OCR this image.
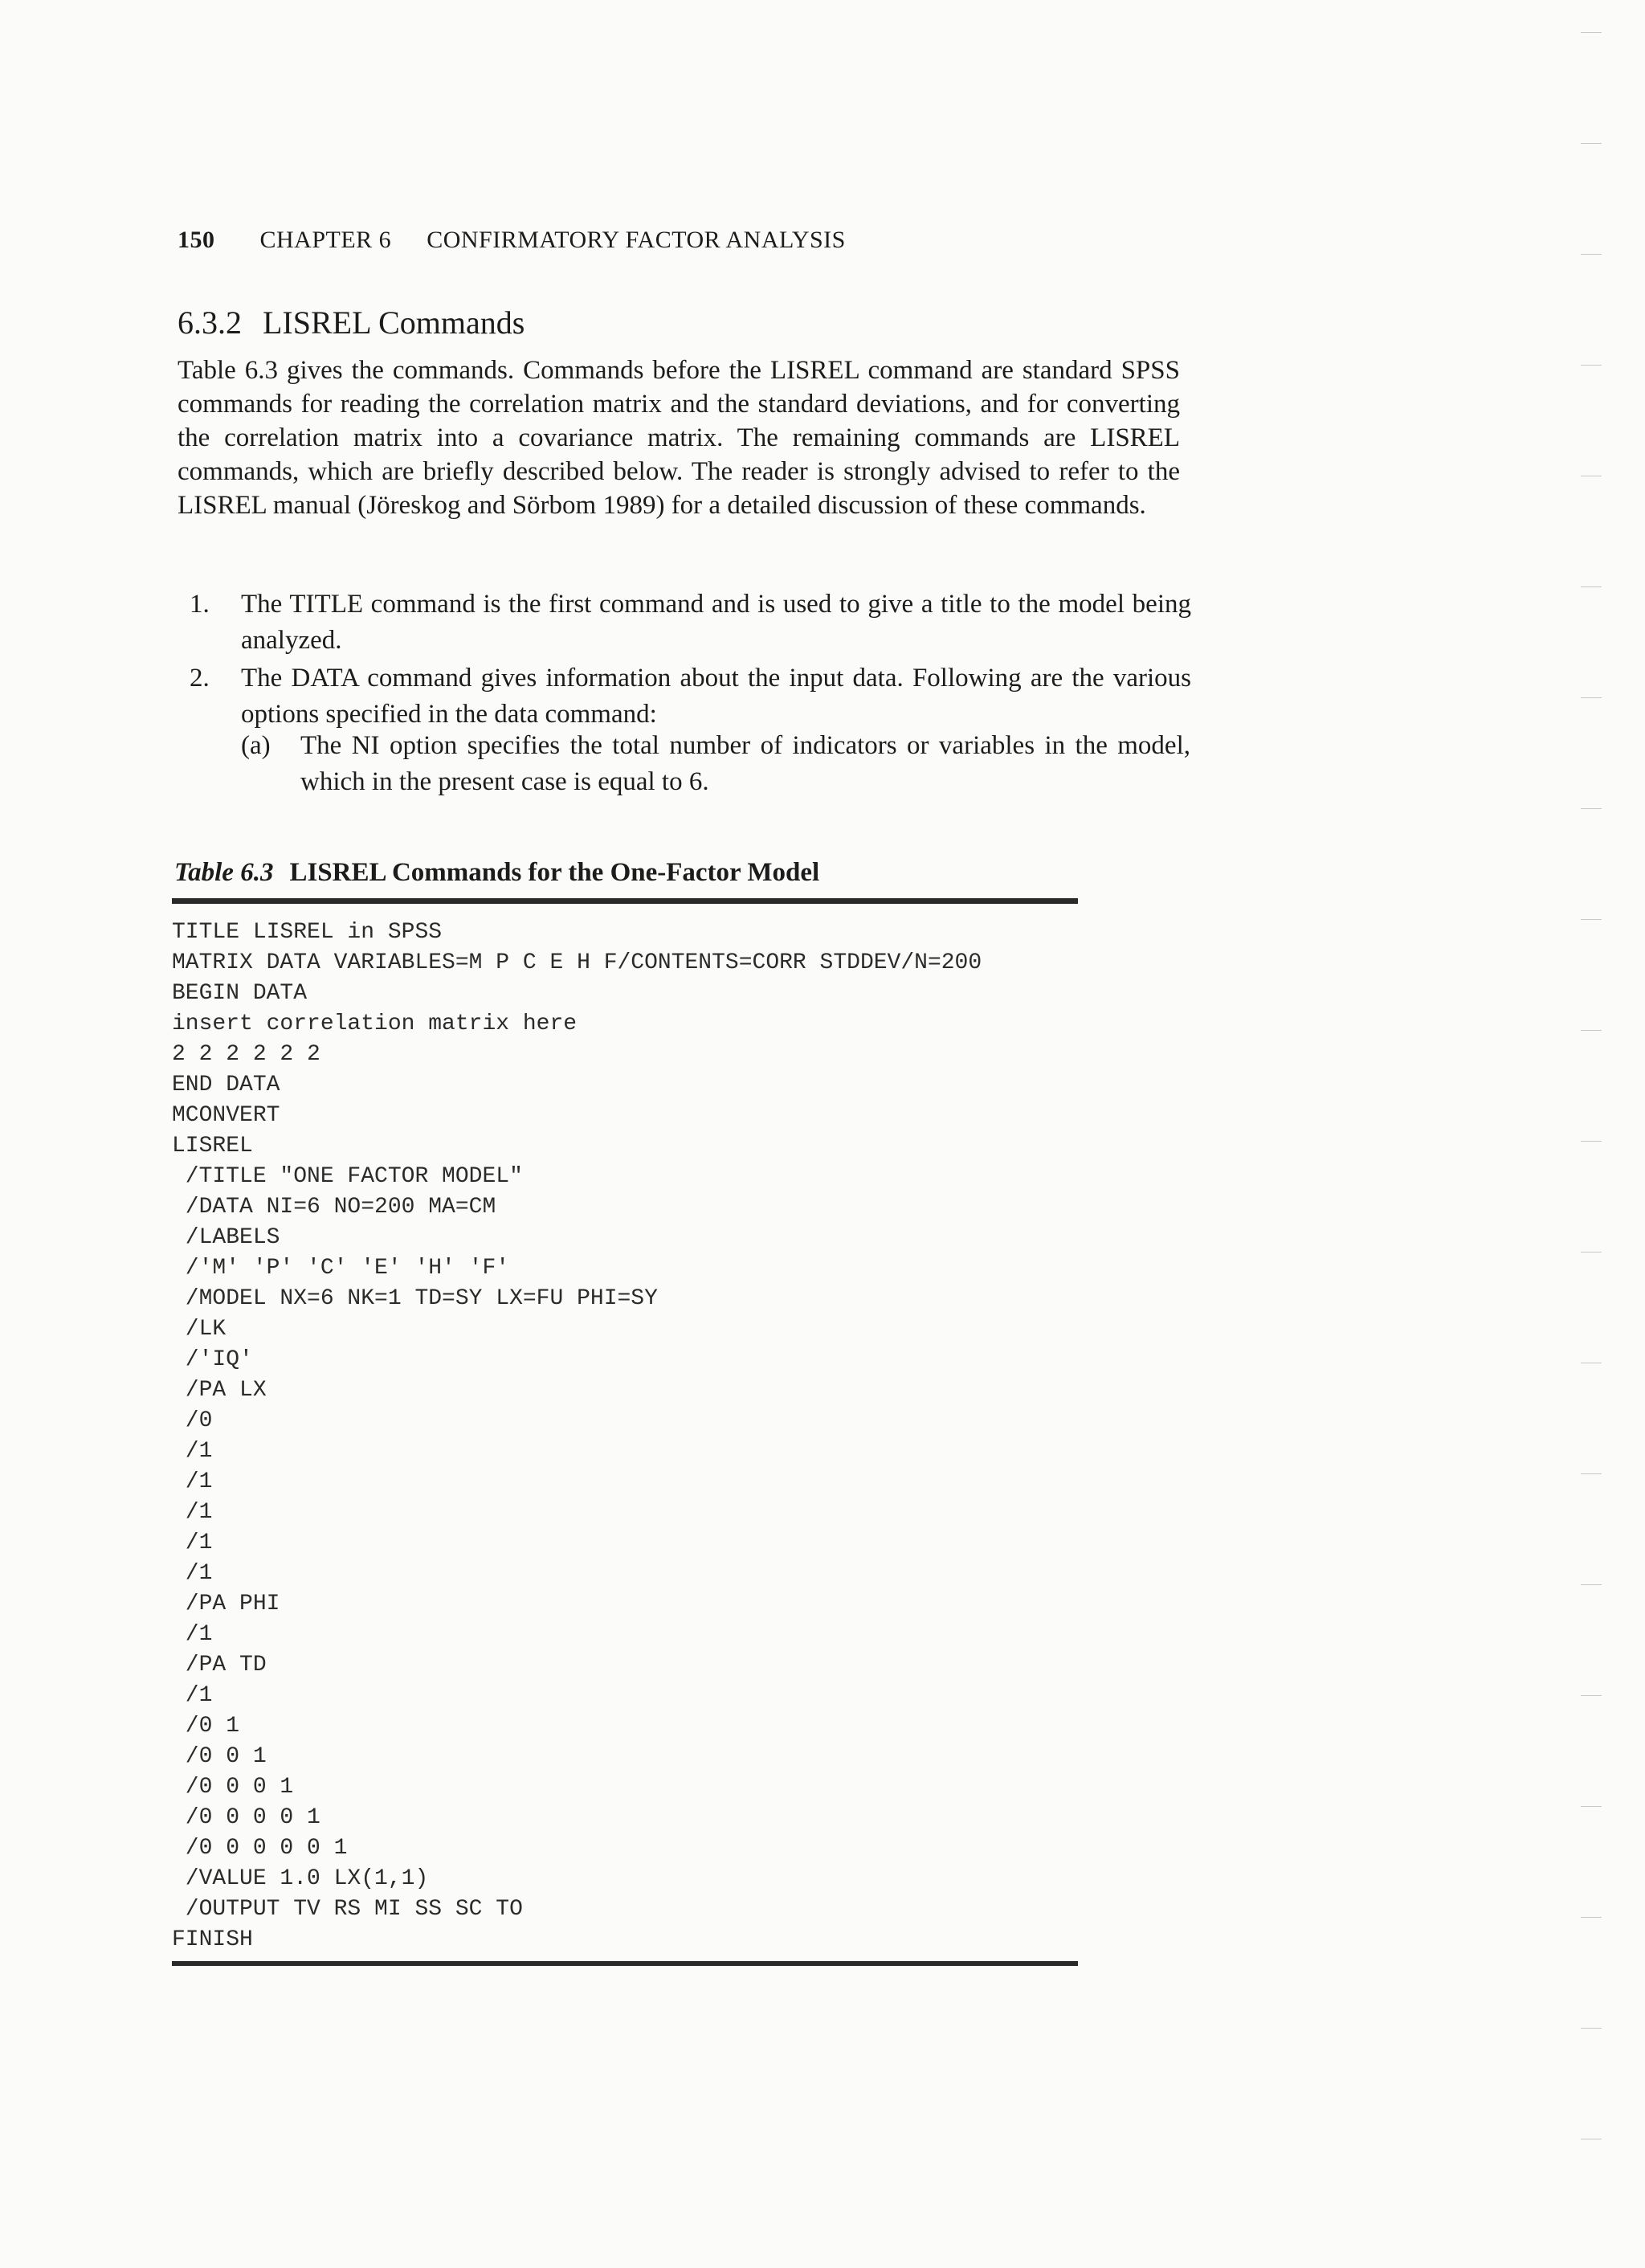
150 CHAPTER 6 CONFIRMATORY FACTOR ANALYSIS
6.3.2 LISREL Commands

Table 6.3 gives the commands. Commands before the LISREL command are standard SPSS commands for reading the correlation matrix and the standard deviations, and for converting the correlation matrix into a covariance matrix. The remaining commands are LISREL commands, which are briefly described below. The reader is strongly advised to refer to the LISREL manual (Jöreskog and Sörbom 1989) for a detailed discussion of these commands.

1. The TITLE command is the first command and is used to give a title to the model being analyzed.
2. The DATA command gives information about the input data. Following are the various options specified in the data command:
(a) The NI option specifies the total number of indicators or variables in the model, which in the present case is equal to 6.
Table 6.3 LISREL Commands for the One-Factor Model
TITLE LISREL in SPSS
MATRIX DATA VARIABLES=M P C E H F/CONTENTS=CORR STDDEV/N=200
BEGIN DATA
insert correlation matrix here
2 2 2 2 2 2
END DATA
MCONVERT
LISREL
/TITLE "ONE FACTOR MODEL"
/DATA NI=6 NO=200 MA=CM
/LABELS
/'M' 'P' 'C' 'E' 'H' 'F'
/MODEL NX=6 NK=1 TD=SY LX=FU PHI=SY
/LK
/'IQ'
/PA LX
/0
/1
/1
/1
/1
/1
/PA PHI
/1
/PA TD
/1
/0 1
/0 0 1
/0 0 0 1
/0 0 0 0 1
/0 0 0 0 0 1
/VALUE 1.0 LX(1,1)
/OUTPUT TV RS MI SS SC TO
FINISH
